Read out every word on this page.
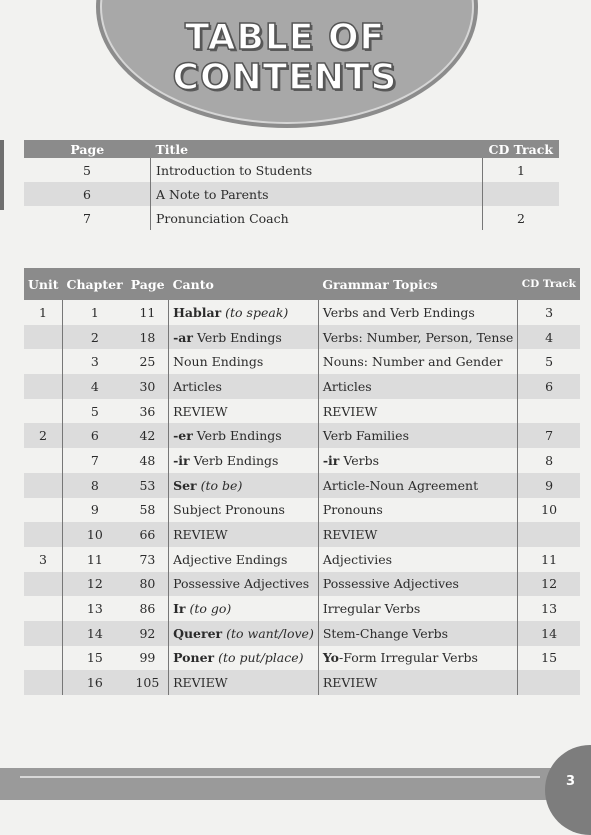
TABLE OF
CONTENTS
Page	Title	CD Track
5	Introduction to Students	1
6	A Note to Parents	
7	Pronunciation Coach	2
Unit	Chapter	Page	Canto	Grammar Topics	CD Track
1	1	11	Hablar (to speak)	Verbs and Verb Endings	3
	2	18	-ar Verb Endings	Verbs: Number, Person, Tense	4
	3	25	Noun Endings	Nouns: Number and Gender	5
	4	30	Articles	Articles	6
	5	36	REVIEW	REVIEW	
2	6	42	-er Verb Endings	Verb Families	7
	7	48	-ir Verb Endings	-ir Verbs	8
	8	53	Ser (to be)	Article-Noun Agreement	9
	9	58	Subject Pronouns	Pronouns	10
	10	66	REVIEW	REVIEW	
3	11	73	Adjective Endings	Adjectivies	11
	12	80	Possessive Adjectives	Possessive Adjectives	12
	13	86	Ir (to go)	Irregular Verbs	13
	14	92	Querer (to want/love)	Stem-Change Verbs	14
	15	99	Poner (to put/place)	Yo-Form Irregular Verbs	15
	16	105	REVIEW	REVIEW	
3
